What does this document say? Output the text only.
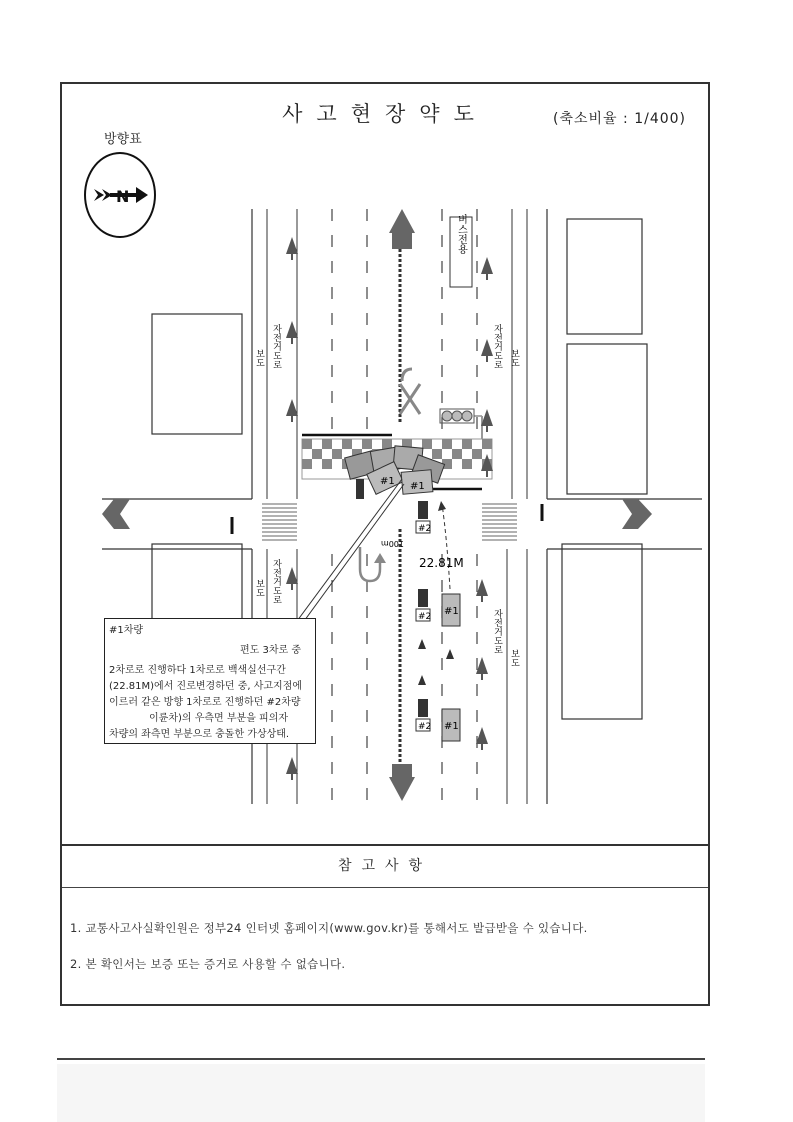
사고현장약도	(축소비율 : 1/400)
방향표
N
버스전용
보도 자전거도로	보도
자전거도로
보도 자전거도로
보도
자전거도로
#1 #1
#2
#2
#2
#1
#1
22.81M
100m
참고사항
1. 교통사고사실확인원은 정부24 인터넷 홈페이지(www.gov.kr)를 통해서도 발급받을 수 있습니다.
2. 본 확인서는 보증 또는 증거로 사용할 수 없습니다.
#1차량
편도 3차로 중
2차로로 진행하다 1차로로 백색실선구간
(22.81M)에서 진로변경하던 중, 사고지점에
이르러 같은 방향 1차로로 진행하던 #2차량
이륜차)의 우측면 부분을 피의자
차량의 좌측면 부분으로 충돌한 가상상태.
